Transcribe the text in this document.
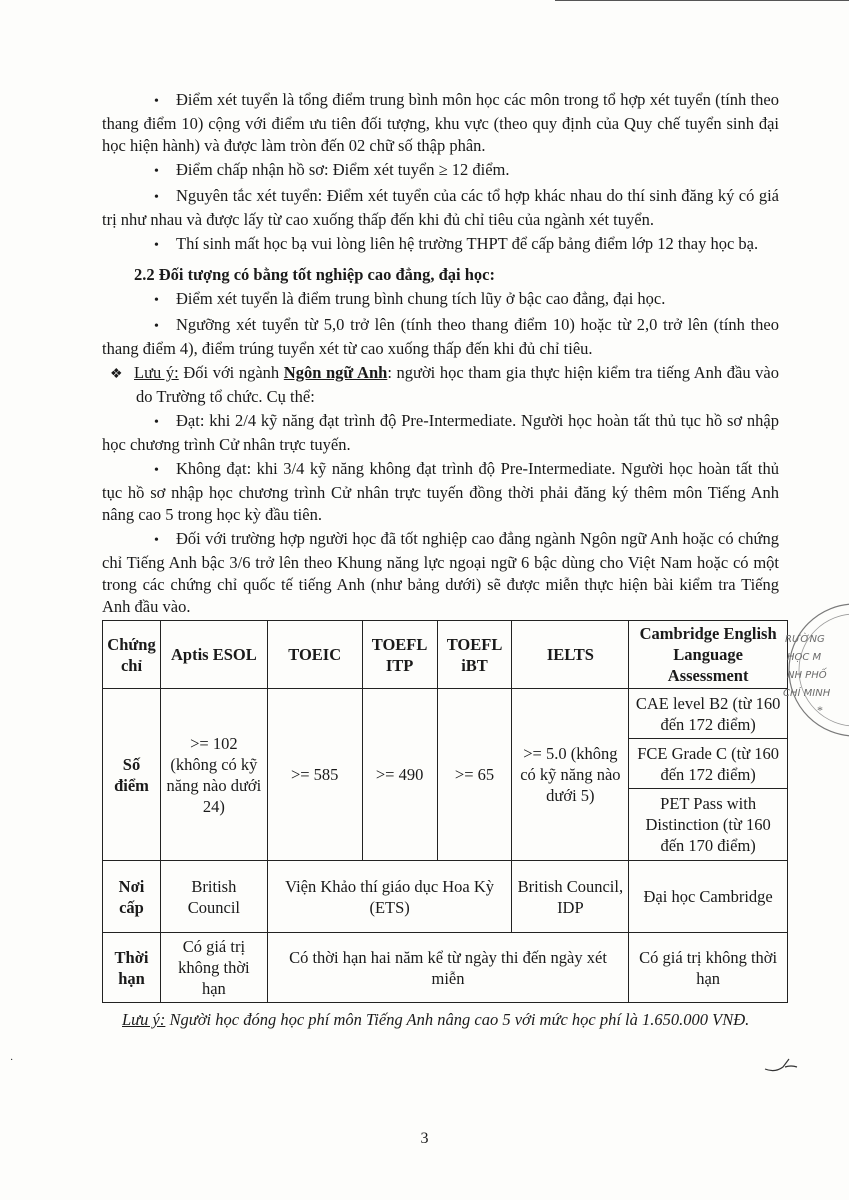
• Điểm xét tuyển là tổng điểm trung bình môn học các môn trong tổ hợp xét tuyển (tính theo thang điểm 10) cộng với điểm ưu tiên đối tượng, khu vực (theo quy định của Quy chế tuyển sinh đại học hiện hành) và được làm tròn đến 02 chữ số thập phân.

• Điểm chấp nhận hồ sơ: Điểm xét tuyển ≥ 12 điểm.

• Nguyên tắc xét tuyển: Điểm xét tuyển của các tổ hợp khác nhau do thí sinh đăng ký có giá trị như nhau và được lấy từ cao xuống thấp đến khi đủ chỉ tiêu của ngành xét tuyển.

• Thí sinh mất học bạ vui lòng liên hệ trường THPT để cấp bảng điểm lớp 12 thay học bạ.

2.2 Đối tượng có bằng tốt nghiệp cao đẳng, đại học:

• Điểm xét tuyển là điểm trung bình chung tích lũy ở bậc cao đẳng, đại học.

• Ngưỡng xét tuyển từ 5,0 trở lên (tính theo thang điểm 10) hoặc từ 2,0 trở lên (tính theo thang điểm 4), điểm trúng tuyển xét từ cao xuống thấp đến khi đủ chỉ tiêu.

❖ Lưu ý: Đối với ngành Ngôn ngữ Anh: người học tham gia thực hiện kiểm tra tiếng Anh đầu vào do Trường tổ chức. Cụ thể:

• Đạt: khi 2/4 kỹ năng đạt trình độ Pre-Intermediate. Người học hoàn tất thủ tục hồ sơ nhập học chương trình Cử nhân trực tuyến.

• Không đạt: khi 3/4 kỹ năng không đạt trình độ Pre-Intermediate. Người học hoàn tất thủ tục hồ sơ nhập học chương trình Cử nhân trực tuyến đồng thời phải đăng ký thêm môn Tiếng Anh nâng cao 5 trong học kỳ đầu tiên.

• Đối với trường hợp người học đã tốt nghiệp cao đẳng ngành Ngôn ngữ Anh hoặc có chứng chỉ Tiếng Anh bậc 3/6 trở lên theo Khung năng lực ngoại ngữ 6 bậc dùng cho Việt Nam hoặc có một trong các chứng chỉ quốc tế tiếng Anh (như bảng dưới) sẽ được miễn thực hiện bài kiểm tra Tiếng Anh đầu vào.

Chứng chỉ	Aptis ESOL	TOEIC	TOEFL ITP	TOEFL iBT	IELTS	Cambridge English Language Assessment
Số điểm	>= 102 (không có kỹ năng nào dưới 24)	>= 585	>= 490	>= 65	>= 5.0 (không có kỹ năng nào dưới 5)	CAE level B2 (từ 160 đến 172 điểm)
						FCE Grade C (từ 160 đến 172 điểm)
						PET Pass with Distinction (từ 160 đến 170 điểm)
Nơi cấp	British Council	Viện Khảo thí giáo dục Hoa Kỳ (ETS)			British Council, IDP	Đại học Cambridge
Thời hạn	Có giá trị không thời hạn	Có thời hạn hai năm kể từ ngày thi đến ngày xét miễn				Có giá trị không thời hạn

Lưu ý: Người học đóng học phí môn Tiếng Anh nâng cao 5 với mức học phí là 1.650.000 VNĐ.

RƯỜNG
HỌC M
NH PHỐ
CHÍ MINH
*
·
3
